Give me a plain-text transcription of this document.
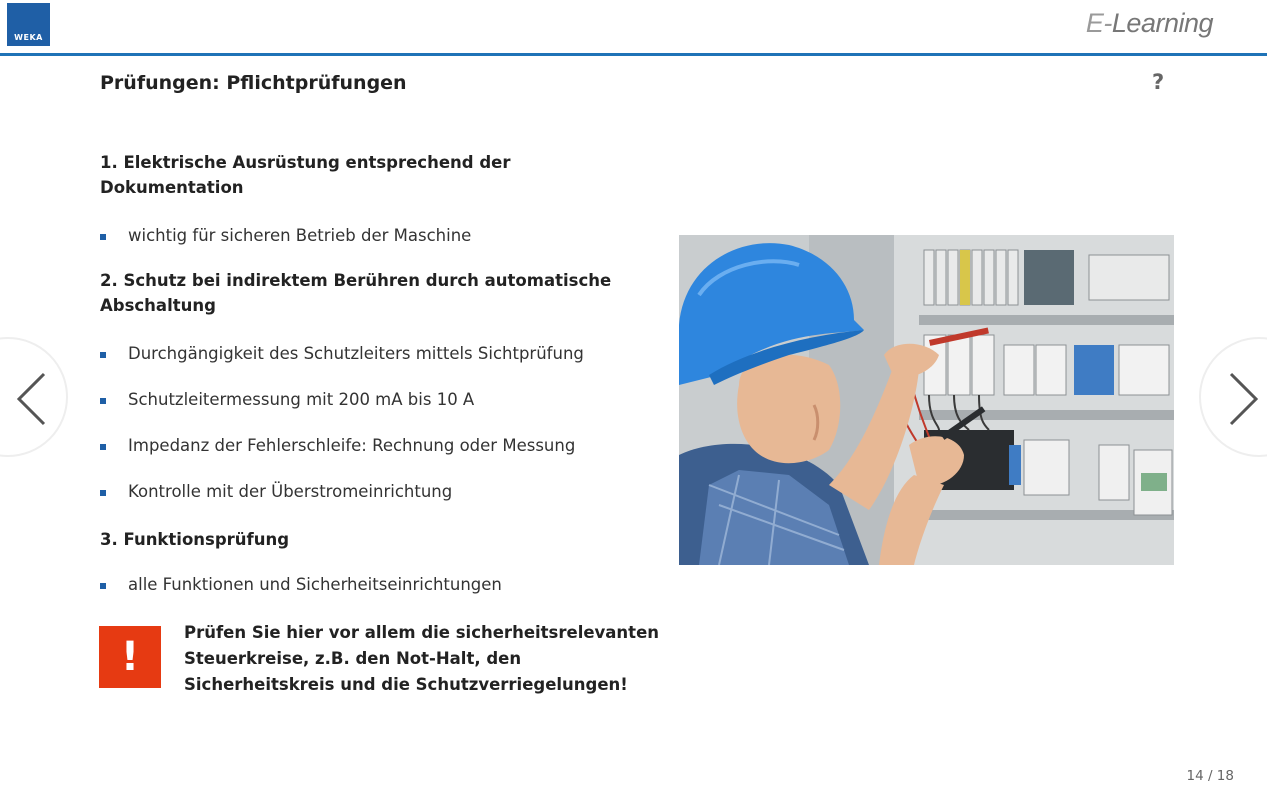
WEKA	E-Learning
Prüfungen: Pflichtprüfungen	?
1. Elektrische Ausrüstung entsprechend der Dokumentation
wichtig für sicheren Betrieb der Maschine
2. Schutz bei indirektem Berühren durch automatische Abschaltung
Durchgängigkeit des Schutzleiters mittels Sichtprüfung
Schutzleitermessung mit 200 mA bis 10 A
Impedanz der Fehlerschleife: Rechnung oder Messung
Kontrolle mit der Überstromeinrichtung
3. Funktionsprüfung
alle Funktionen und Sicherheitseinrichtungen
!
Prüfen Sie hier vor allem die sicherheitsrelevanten Steuerkreise, z.B. den Not-Halt, den Sicherheitskreis und die Schutzverriegelungen!
14 / 18
